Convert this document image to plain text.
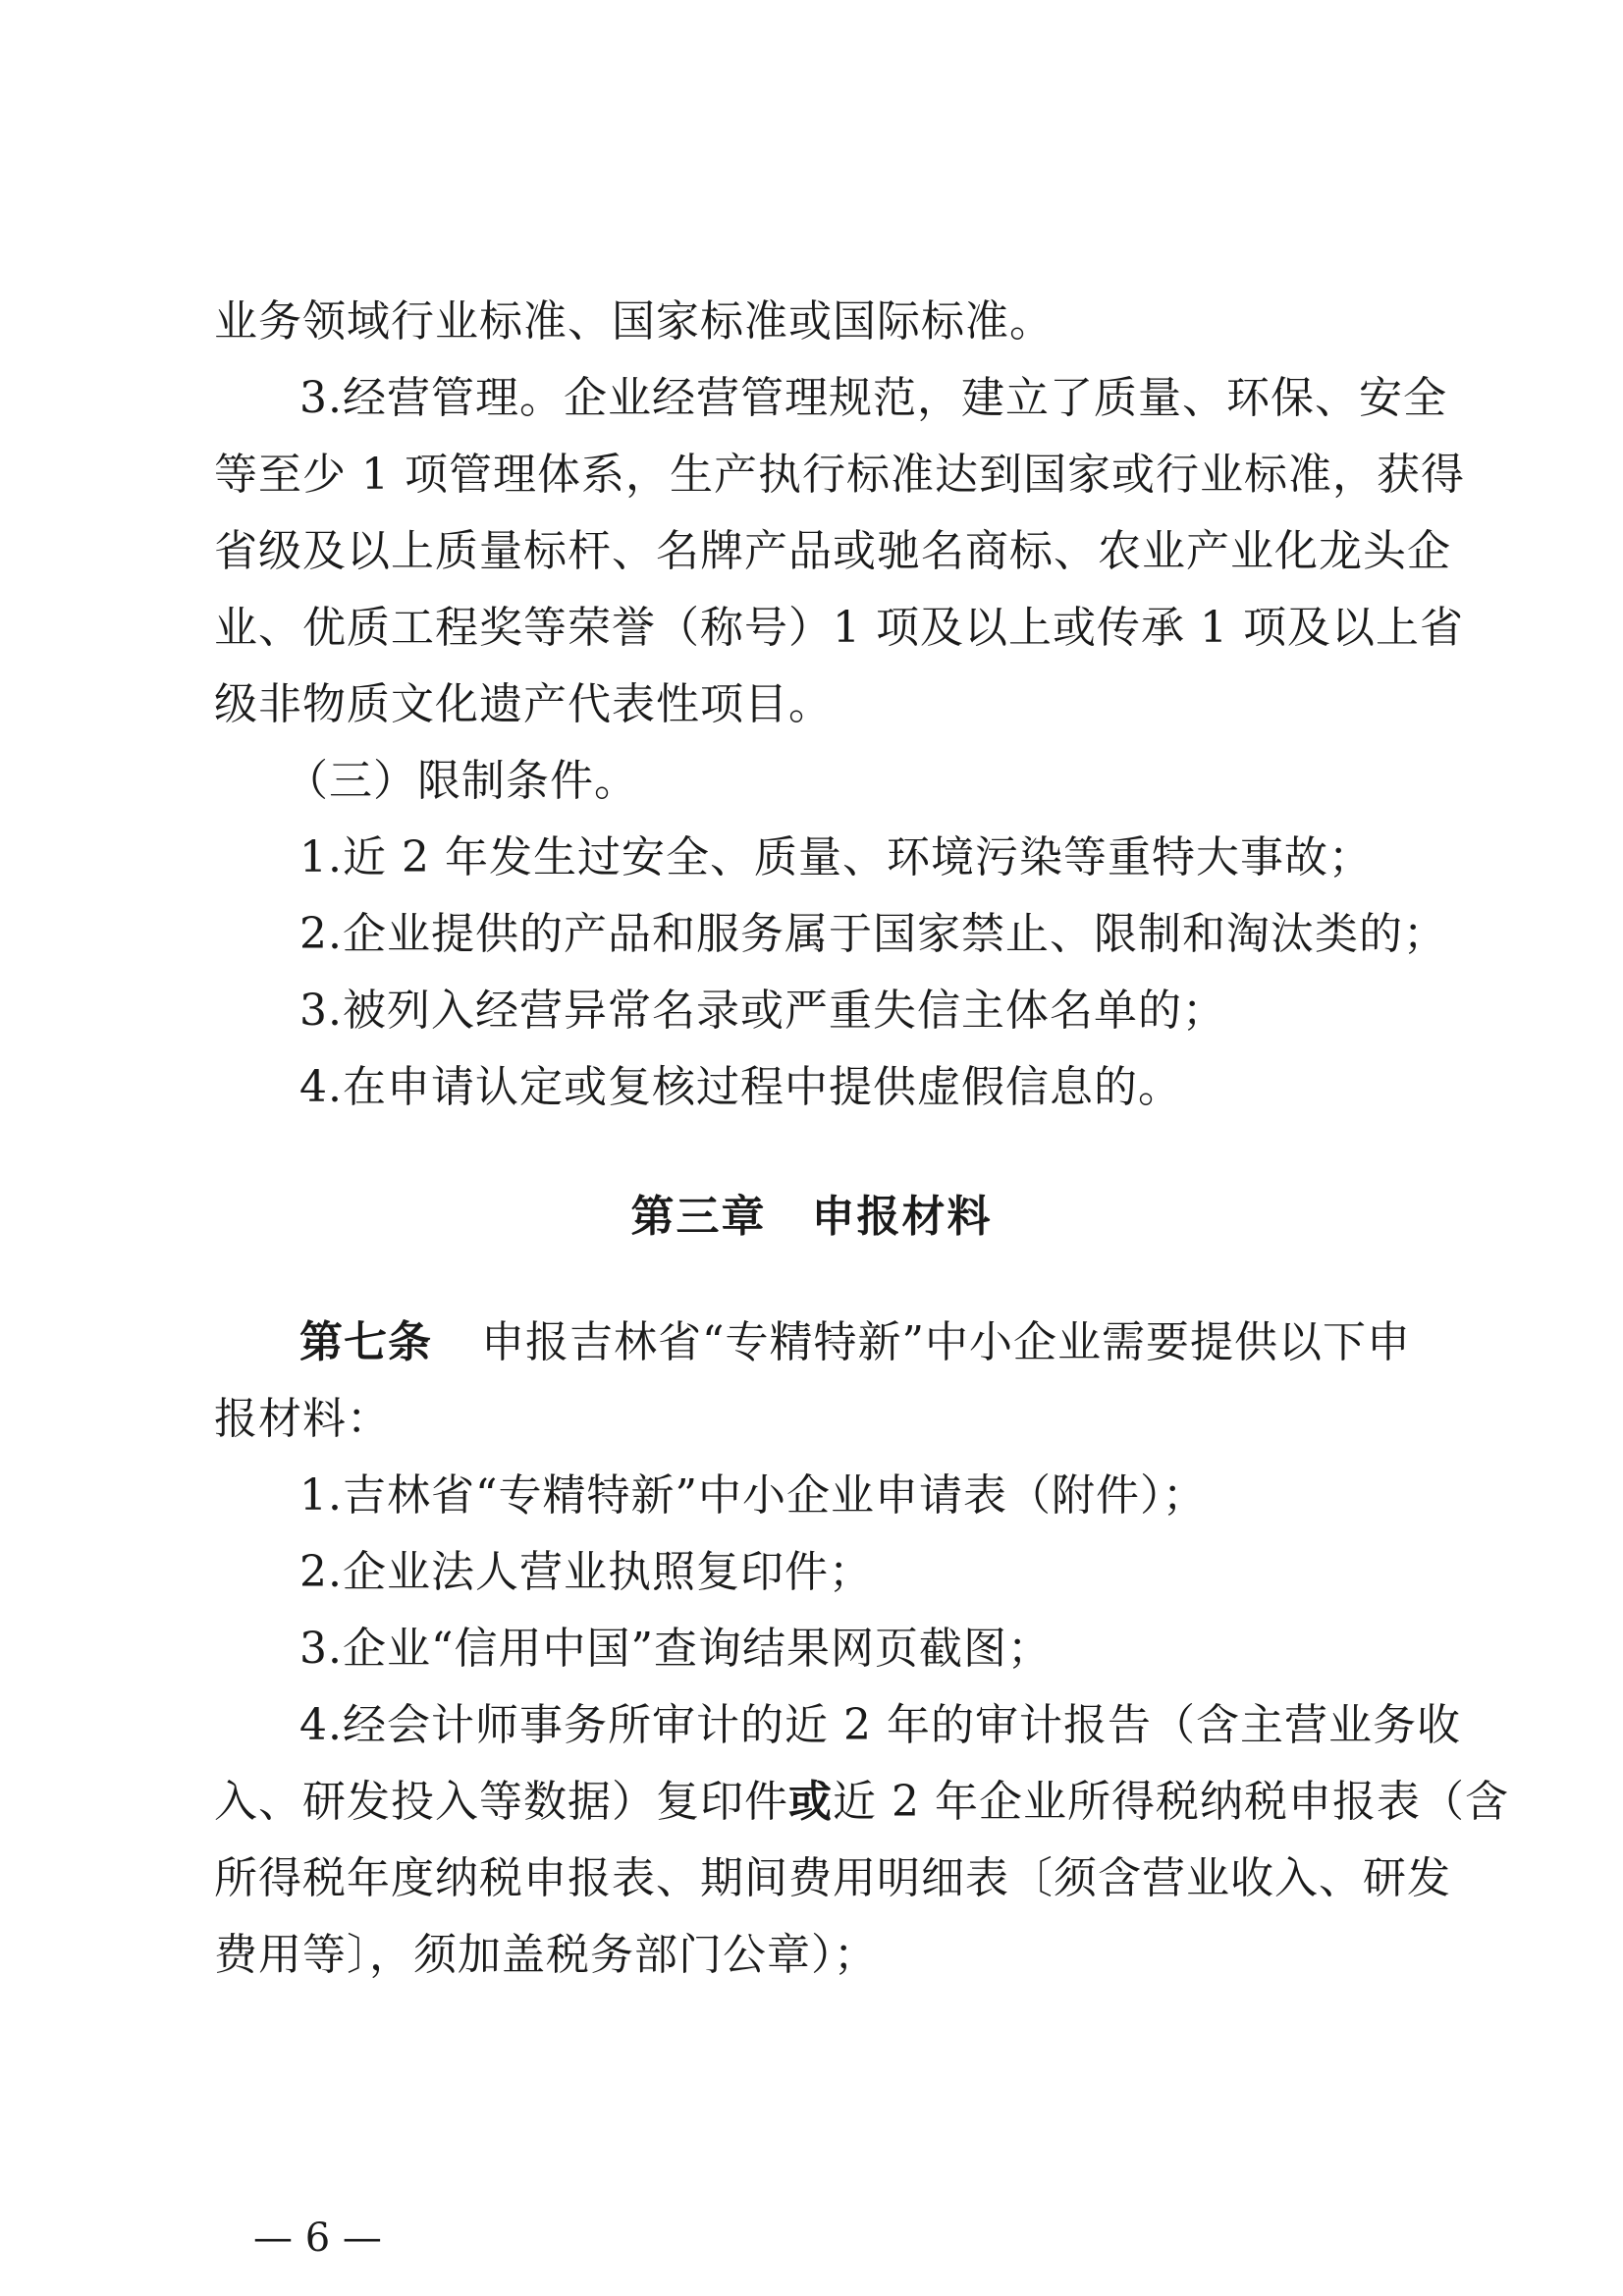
业务领域行业标准、国家标准或国际标准。
3.经营管理。企业经营管理规范，建立了质量、环保、安全
等至少 1 项管理体系，生产执行标准达到国家或行业标准，获得
省级及以上质量标杆、名牌产品或驰名商标、农业产业化龙头企
业、优质工程奖等荣誉（称号）1 项及以上或传承 1 项及以上省
级非物质文化遗产代表性项目。
（三）限制条件。
1.近 2 年发生过安全、质量、环境污染等重特大事故；
2.企业提供的产品和服务属于国家禁止、限制和淘汰类的；
3.被列入经营异常名录或严重失信主体名单的；
4.在申请认定或复核过程中提供虚假信息的。
第三章　申报材料
第七条 申报吉林省“专精特新”中小企业需要提供以下申
报材料：
1.吉林省“专精特新”中小企业申请表（附件）；
2.企业法人营业执照复印件；
3.企业“信用中国”查询结果网页截图；
4.经会计师事务所审计的近 2 年的审计报告（含主营业务收
入、研发投入等数据）复印件或近 2 年企业所得税纳税申报表（含
所得税年度纳税申报表、期间费用明细表〔须含营业收入、研发
费用等〕，须加盖税务部门公章）；
— 6 —
